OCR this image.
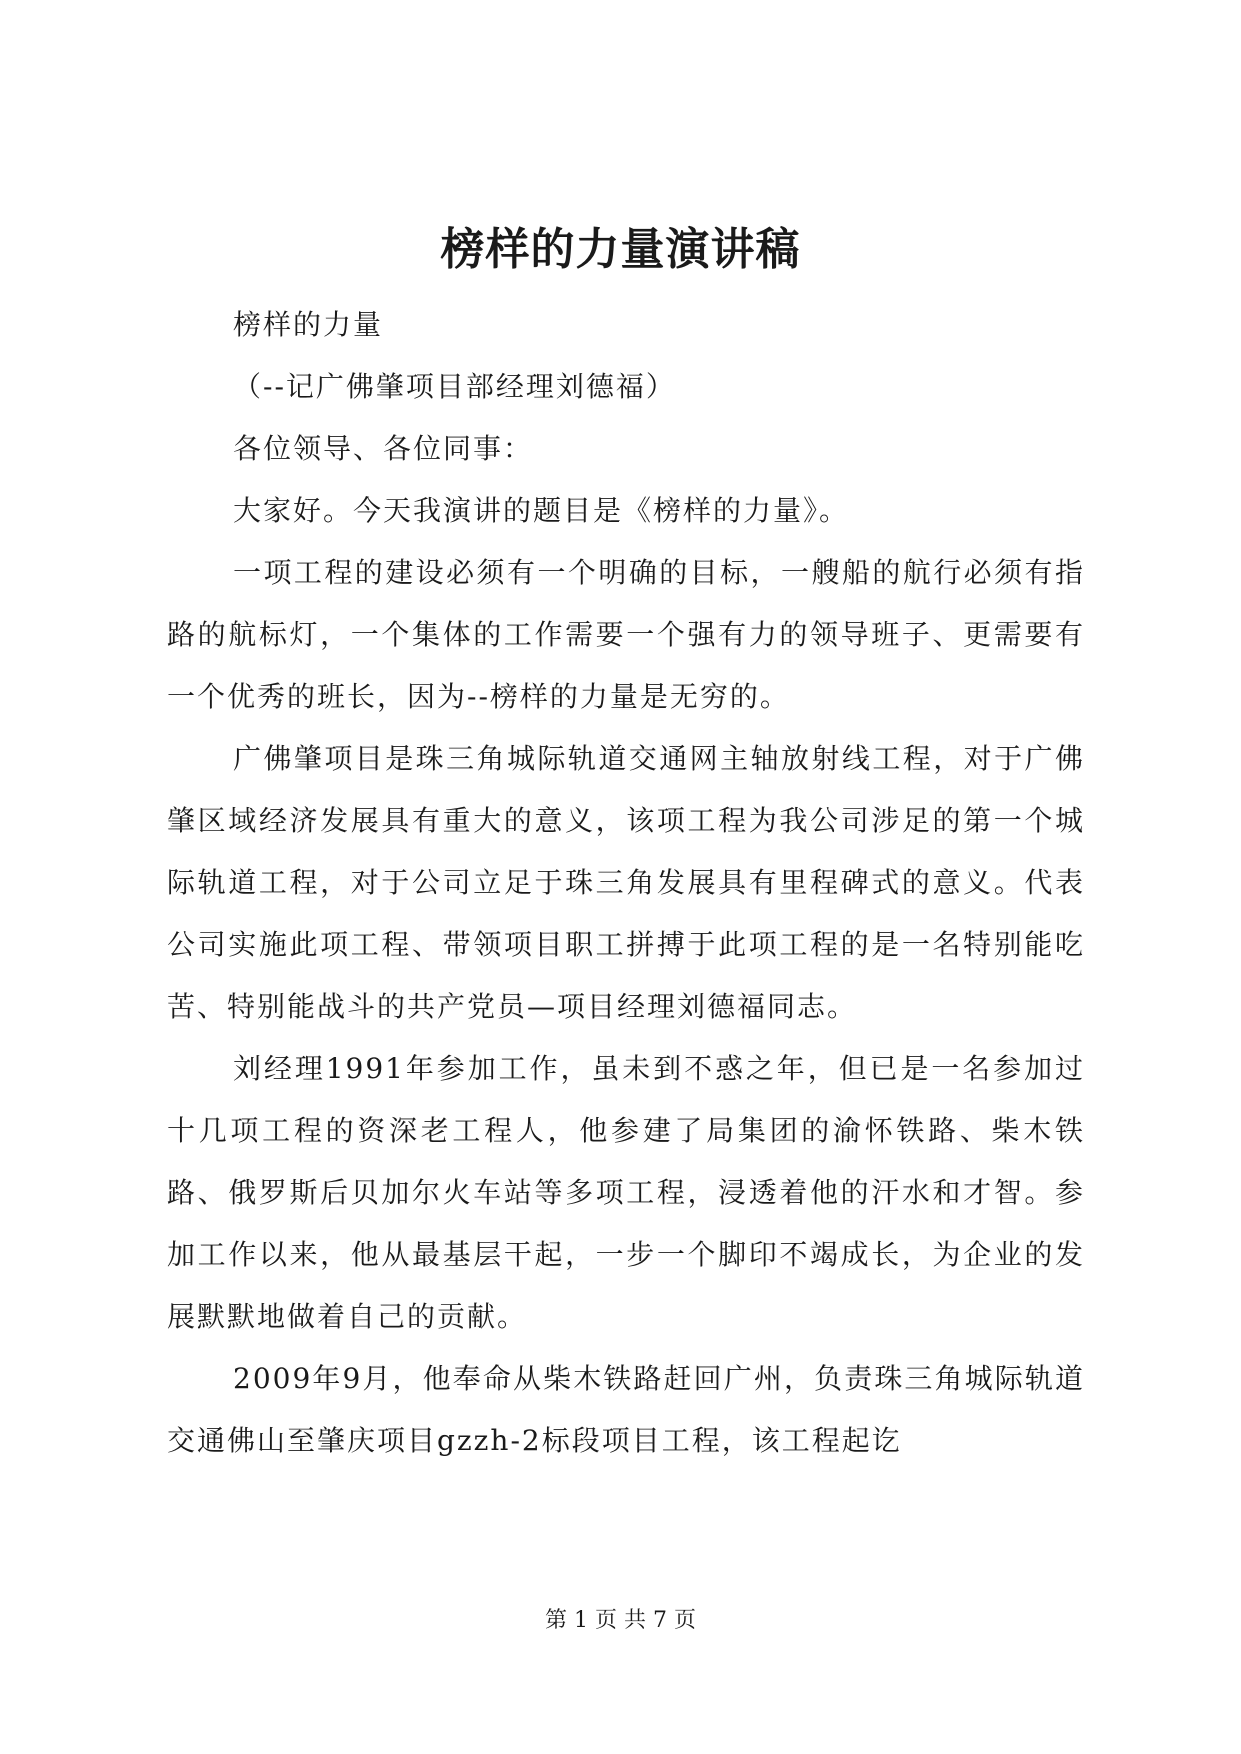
榜样的力量演讲稿

榜样的力量

（--记广佛肇项目部经理刘德福）

各位领导、各位同事：

大家好。今天我演讲的题目是《榜样的力量》。

一项工程的建设必须有一个明确的目标，一艘船的航行必须有指路的航标灯，一个集体的工作需要一个强有力的领导班子、更需要有一个优秀的班长，因为--榜样的力量是无穷的。

广佛肇项目是珠三角城际轨道交通网主轴放射线工程，对于广佛肇区域经济发展具有重大的意义，该项工程为我公司涉足的第一个城际轨道工程，对于公司立足于珠三角发展具有里程碑式的意义。代表公司实施此项工程、带领项目职工拼搏于此项工程的是一名特别能吃苦、特别能战斗的共产党员—项目经理刘德福同志。

刘经理1991年参加工作，虽未到不惑之年，但已是一名参加过十几项工程的资深老工程人，他参建了局集团的渝怀铁路、柴木铁路、俄罗斯后贝加尔火车站等多项工程，浸透着他的汗水和才智。参加工作以来，他从最基层干起，一步一个脚印不竭成长，为企业的发展默默地做着自己的贡献。

2009年9月，他奉命从柴木铁路赶回广州，负责珠三角城际轨道交通佛山至肇庆项目gzzh-2标段项目工程，该工程起讫

第 1 页 共 7 页
